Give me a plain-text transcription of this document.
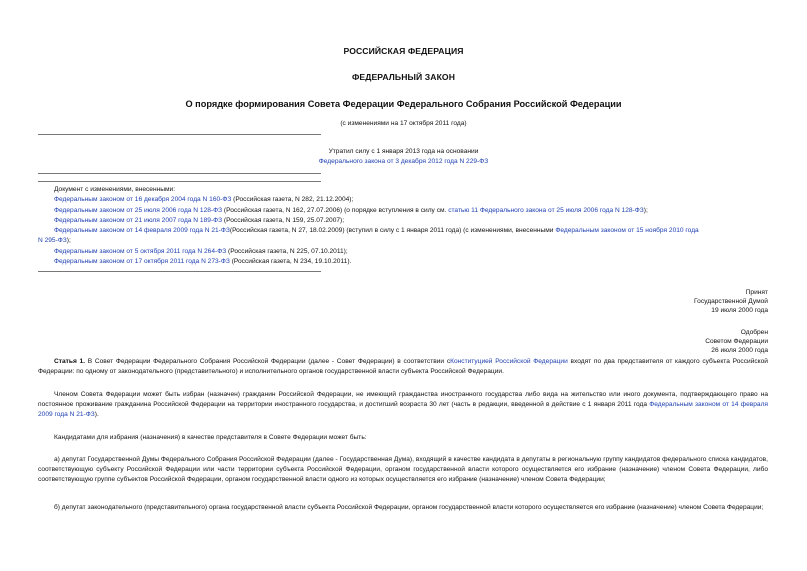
РОССИЙСКАЯ ФЕДЕРАЦИЯ
ФЕДЕРАЛЬНЫЙ ЗАКОН
О порядке формирования Совета Федерации Федерального Собрания Российской Федерации
(с изменениями на 17 октября 2011 года)
Утратил силу с 1 января 2013 года на основании
Федерального закона от 3 декабря 2012 года N 229-ФЗ
Документ с изменениями, внесенными:
Федеральным законом от 16 декабря 2004 года N 160-ФЗ (Российская газета, N 282, 21.12.2004);
Федеральным законом от 25 июля 2006 года N 128-ФЗ (Российская газета, N 162, 27.07.2006) (о порядке вступления в силу см. статью 11 Федерального закона от 25 июля 2006 года N 128-ФЗ);
Федеральным законом от 21 июля 2007 года N 189-ФЗ (Российская газета, N 159, 25.07.2007);
Федеральным законом от 14 февраля 2009 года N 21-ФЗ(Российская газета, N 27, 18.02.2009) (вступил в силу с 1 января 2011 года) (с изменениями, внесенными Федеральным законом от 15 ноября 2010 года
N 295-ФЗ);
Федеральным законом от 5 октября 2011 года N 264-ФЗ (Российская газета, N 225, 07.10.2011);
Федеральным законом от 17 октября 2011 года N 273-ФЗ (Российская газета, N 234, 19.10.2011).
Принят
Государственной Думой
19 июля 2000 года
Одобрен
Советом Федерации
26 июля 2000 года
Статья 1. В Совет Федерации Федерального Собрания Российской Федерации (далее - Совет Федерации) в соответствии сКонституцией Российской Федерации входят по два представителя от каждого субъекта Российской Федерации: по одному от законодательного (представительного) и исполнительного органов государственной власти субъекта Российской Федерации.
Членом Совета Федерации может быть избран (назначен) гражданин Российской Федерации, не имеющий гражданства иностранного государства либо вида на жительство или иного документа, подтверждающего право на постоянное проживание гражданина Российской Федерации на территории иностранного государства, и достигший возраста 30 лет (часть в редакции, введенной в действие с 1 января 2011 года Федеральным законом от 14 февраля 2009 года N 21-ФЗ).
Кандидатами для избрания (назначения) в качестве представителя в Совете Федерации может быть:
а) депутат Государственной Думы Федерального Собрания Российской Федерации (далее - Государственная Дума), входящий в качестве кандидата в депутаты в региональную группу кандидатов федерального списка кандидатов, соответствующую субъекту Российской Федерации или части территории субъекта Российской Федерации, органом государственной власти которого осуществляется его избрание (назначение) членом Совета Федерации, либо соответствующую группе субъектов Российской Федерации, органом государственной власти одного из которых осуществляется его избрание (назначение) членом Совета Федерации;
б) депутат законодательного (представительного) органа государственной власти субъекта Российской Федерации, органом государственной власти которого осуществляется его избрание (назначение) членом Совета Федерации;
